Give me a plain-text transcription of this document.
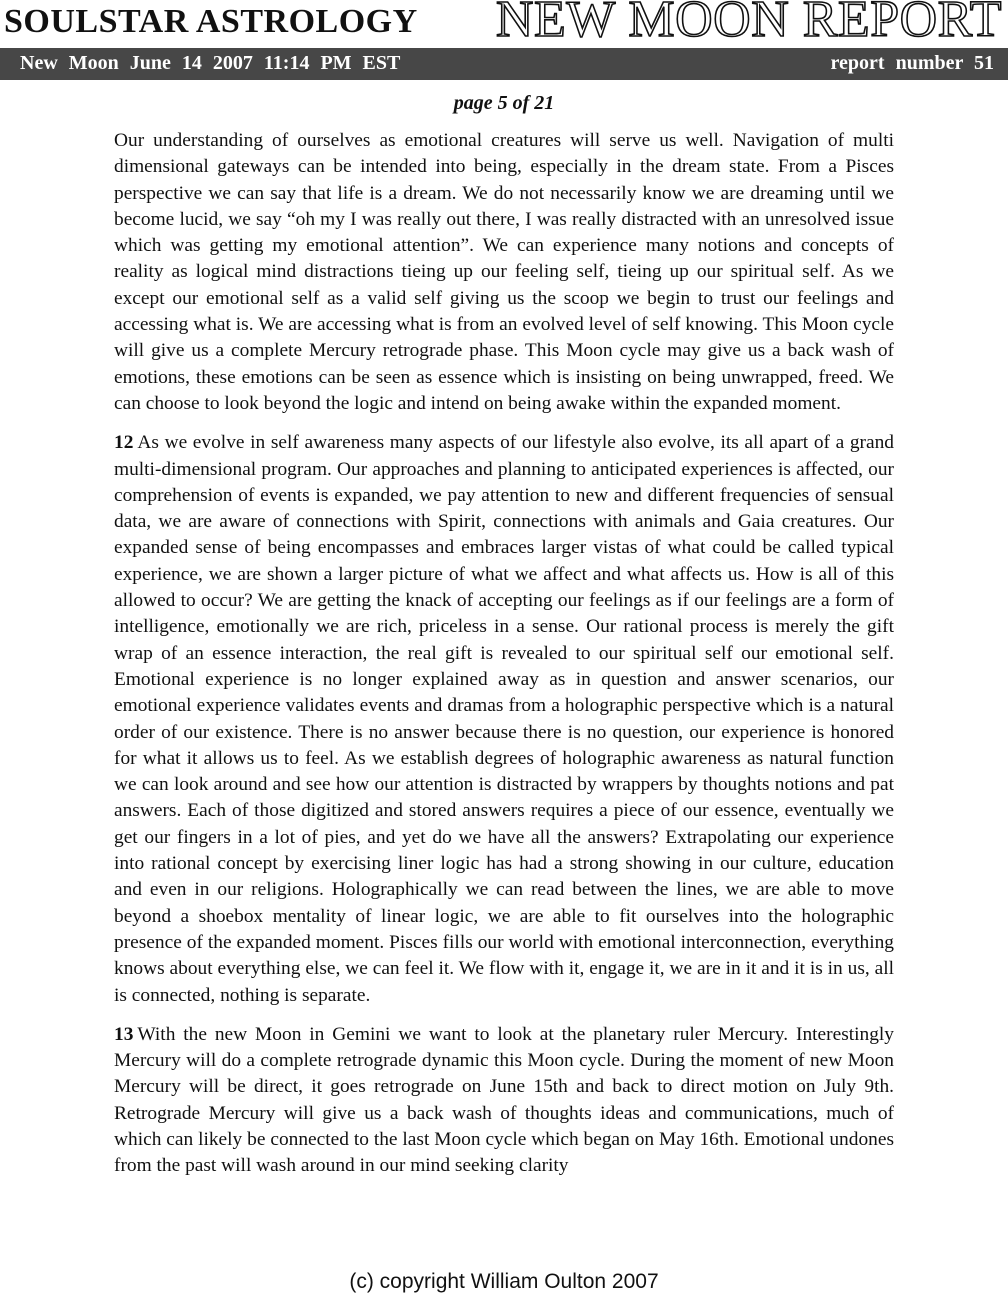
SOULSTAR ASTROLOGY NEW MOON REPORT
New Moon June 14 2007 11:14 PM EST	report number 51
page 5 of 21

Our understanding of ourselves as emotional creatures will serve us well. Navigation of multi dimensional gateways can be intended into being, especially in the dream state. From a Pisces perspective we can say that life is a dream. We do not necessarily know we are dreaming until we become lucid, we say “oh my I was really out there, I was really distracted with an unresolved issue which was getting my emotional attention”. We can experience many notions and concepts of reality as logical mind distractions tieing up our feeling self, tieing up our spiritual self. As we except our emotional self as a valid self giving us the scoop we begin to trust our feelings and accessing what is. We are accessing what is from an evolved level of self knowing. This Moon cycle will give us a complete Mercury retrograde phase. This Moon cycle may give us a back wash of emotions, these emotions can be seen as essence which is insisting on being unwrapped, freed. We can choose to look beyond the logic and intend on being awake within the expanded moment.

12 As we evolve in self awareness many aspects of our lifestyle also evolve, its all apart of a grand multi-dimensional program. Our approaches and planning to anticipated experiences is affected, our comprehension of events is expanded, we pay attention to new and different frequencies of sensual data, we are aware of connections with Spirit, connections with animals and Gaia creatures. Our expanded sense of being encompasses and embraces larger vistas of what could be called typical experience, we are shown a larger picture of what we affect and what affects us. How is all of this allowed to occur? We are getting the knack of accepting our feelings as if our feelings are a form of intelligence, emotionally we are rich, priceless in a sense. Our rational process is merely the gift wrap of an essence interaction, the real gift is revealed to our spiritual self our emotional self. Emotional experience is no longer explained away as in question and answer scenarios, our emotional experience validates events and dramas from a holographic perspective which is a natural order of our existence. There is no answer because there is no question, our experience is honored for what it allows us to feel. As we establish degrees of holographic awareness as natural function we can look around and see how our attention is distracted by wrappers by thoughts notions and pat answers. Each of those digitized and stored answers requires a piece of our essence, eventually we get our fingers in a lot of pies, and yet do we have all the answers? Extrapolating our experience into rational concept by exercising liner logic has had a strong showing in our culture, education and even in our religions. Holographically we can read between the lines, we are able to move beyond a shoebox mentality of linear logic, we are able to fit ourselves into the holographic presence of the expanded moment. Pisces fills our world with emotional interconnection, everything knows about everything else, we can feel it. We flow with it, engage it, we are in it and it is in us, all is connected, nothing is separate.

13 With the new Moon in Gemini we want to look at the planetary ruler Mercury. Interestingly Mercury will do a complete retrograde dynamic this Moon cycle. During the moment of new Moon Mercury will be direct, it goes retrograde on June 15th and back to direct motion on July 9th. Retrograde Mercury will give us a back wash of thoughts ideas and communications, much of which can likely be connected to the last Moon cycle which began on May 16th. Emotional undones from the past will wash around in our mind seeking clarity

(c) copyright William Oulton 2007
